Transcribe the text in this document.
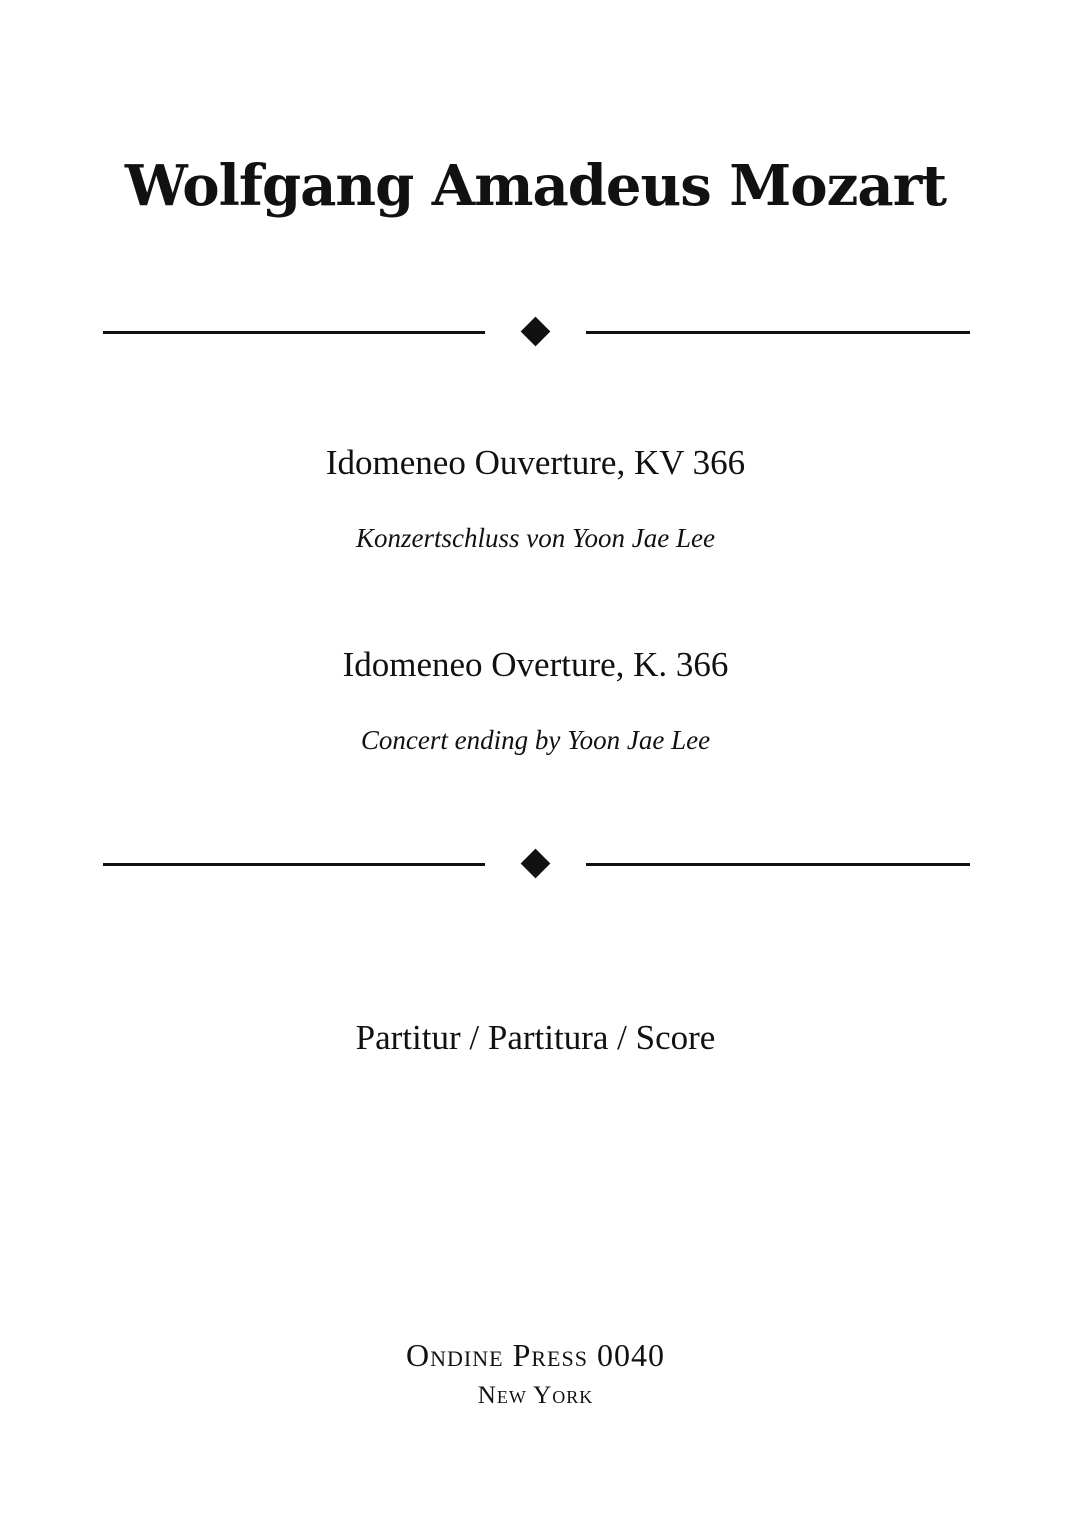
Wolfgang Amadeus Mozart
Idomeneo Ouverture, KV 366
Konzertschluss von Yoon Jae Lee
Idomeneo Overture, K. 366
Concert ending by Yoon Jae Lee
Partitur / Partitura / Score
Ondine Press 0040
New York
